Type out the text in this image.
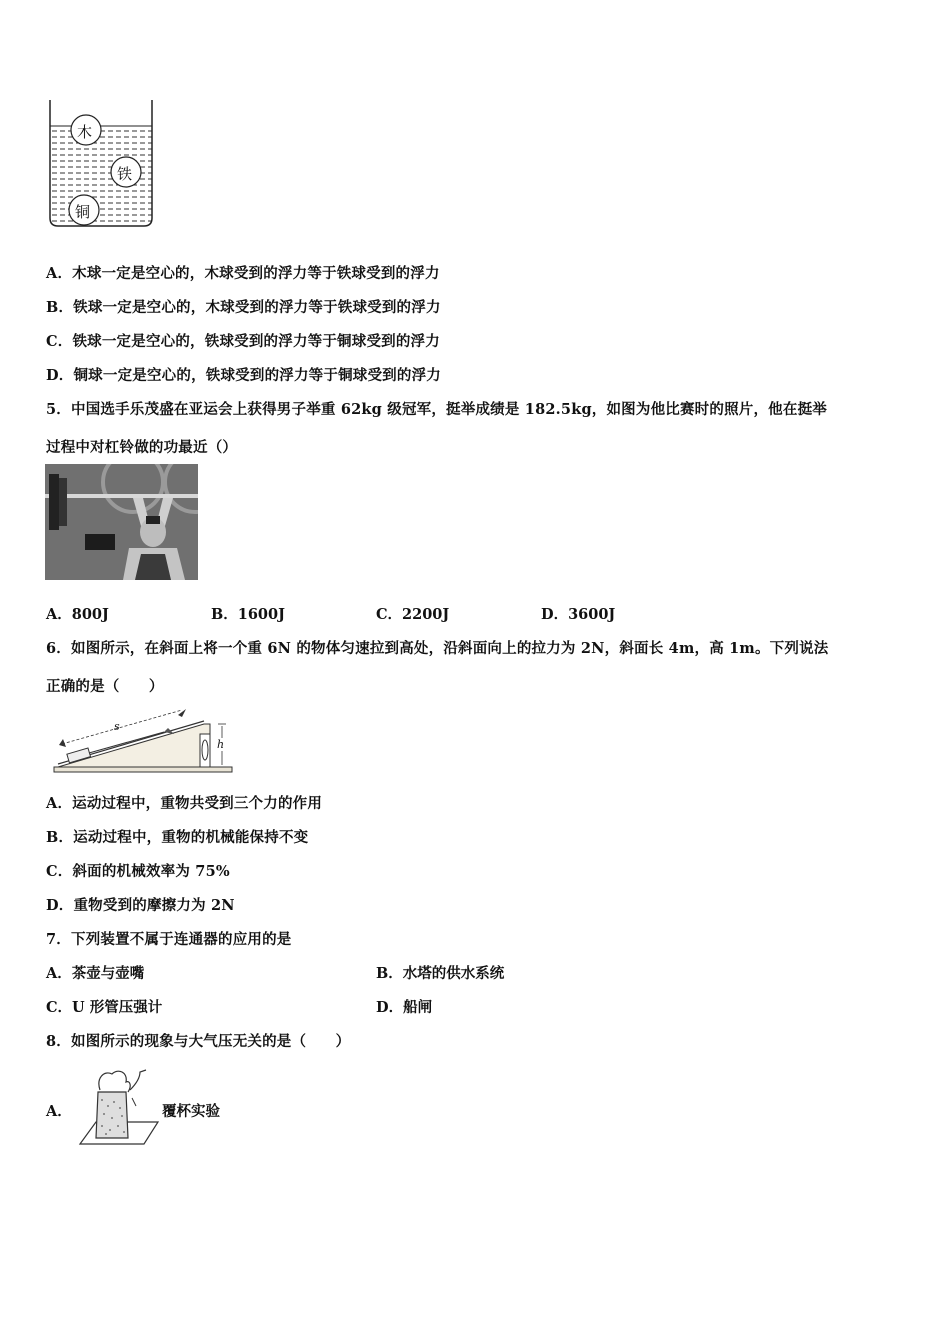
木
铁
铜
A．木球一定是空心的，木球受到的浮力等于铁球受到的浮力
B．铁球一定是空心的，木球受到的浮力等于铁球受到的浮力
C．铁球一定是空心的，铁球受到的浮力等于铜球受到的浮力
D．铜球一定是空心的，铁球受到的浮力等于铜球受到的浮力
5．中国选手乐茂盛在亚运会上获得男子举重 62kg 级冠军，挺举成绩是 182.5kg，如图为他比赛时的照片，他在挺举
过程中对杠铃做的功最近（）
A．800J	B．1600J	C．2200J	D．3600J
6．如图所示，在斜面上将一个重 6N 的物体匀速拉到高处，沿斜面向上的拉力为 2N，斜面长 4m，高 1m。下列说法
正确的是（　　）
s
h
A．运动过程中，重物共受到三个力的作用
B．运动过程中，重物的机械能保持不变
C．斜面的机械效率为 75%
D．重物受到的摩擦力为 2N
7．下列装置不属于连通器的应用的是
A．茶壶与壶嘴	B．水塔的供水系统
C．U 形管压强计	D．船闸
8．如图所示的现象与大气压无关的是（　　）
A．	覆杯实验
